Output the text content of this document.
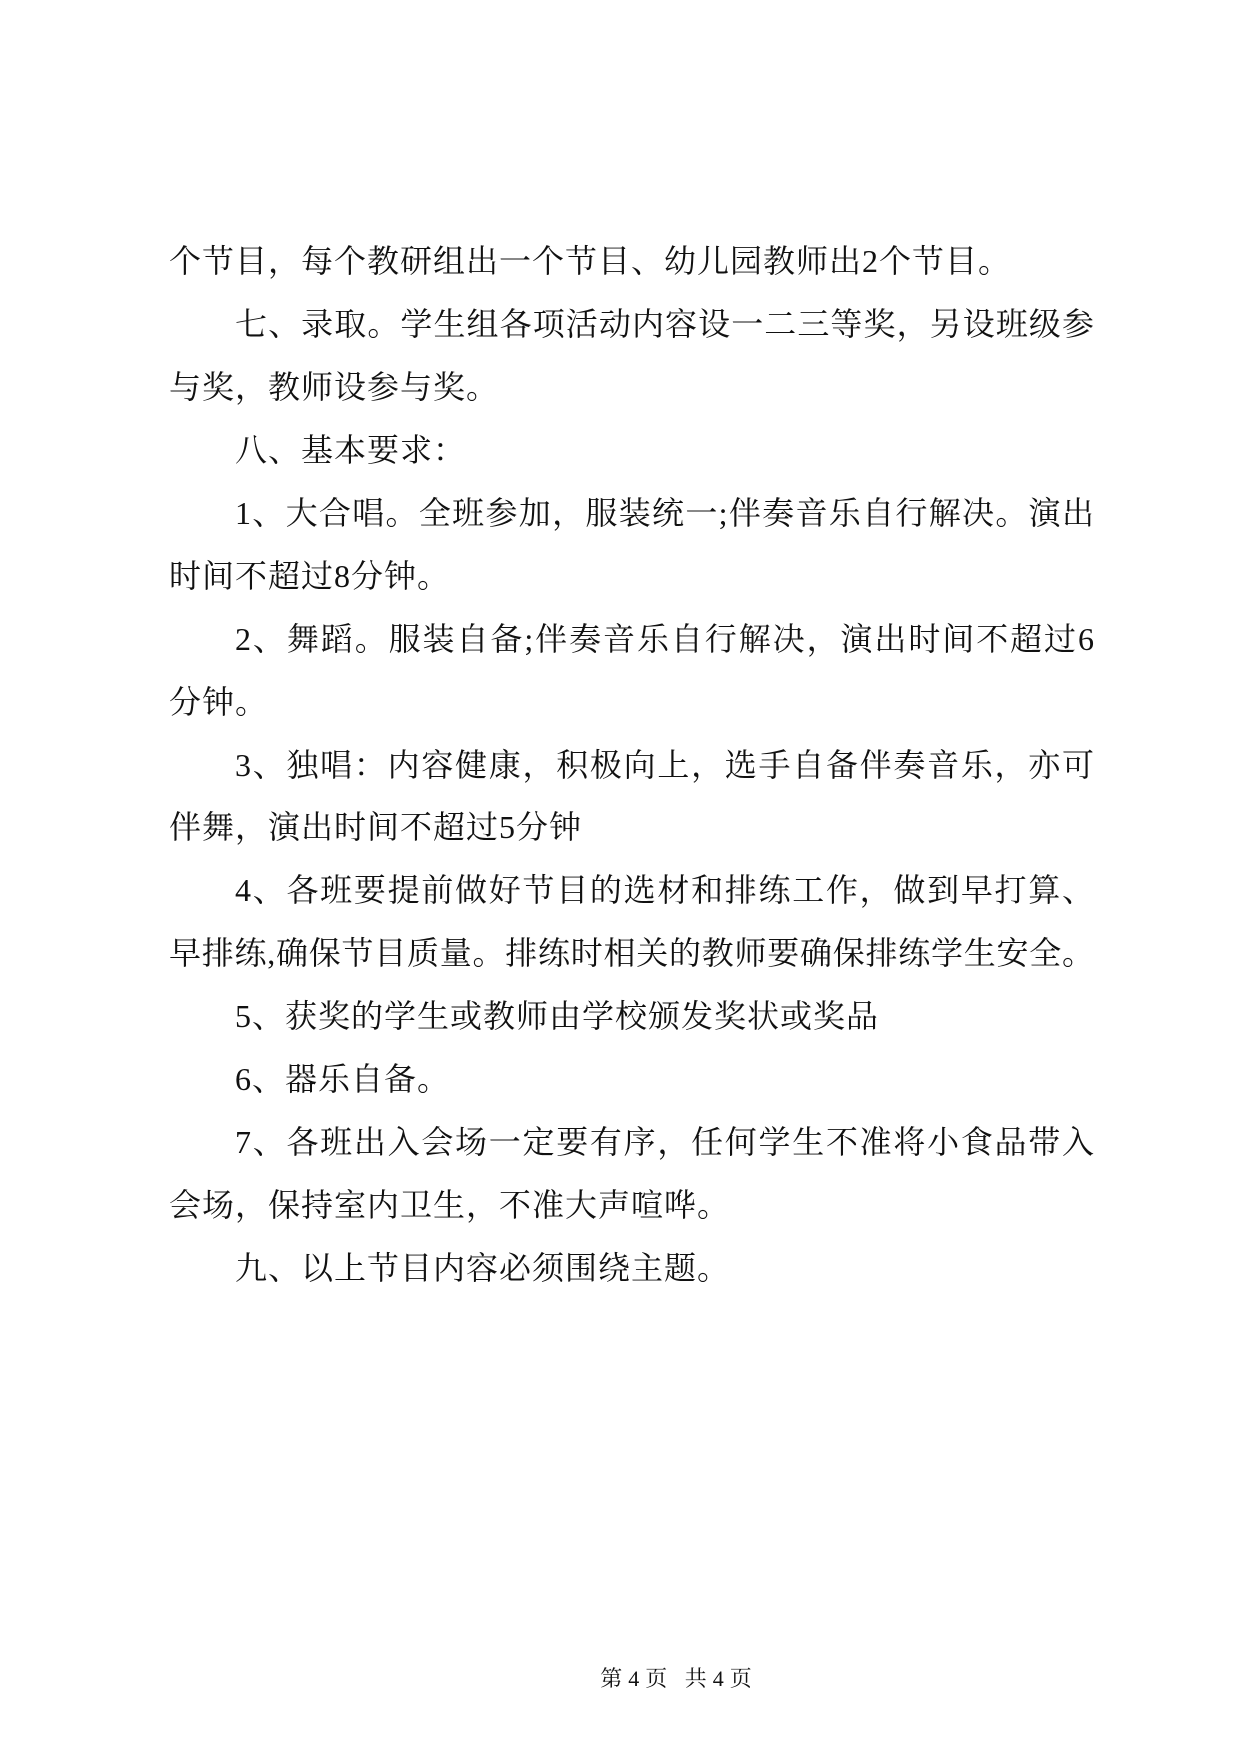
个节目，每个教研组出一个节目、幼儿园教师出2个节目。
七、录取。学生组各项活动内容设一二三等奖，另设班级参
与奖，教师设参与奖。
八、基本要求：
1、大合唱。全班参加，服装统一;伴奏音乐自行解决。演出
时间不超过8分钟。
2、舞蹈。服装自备;伴奏音乐自行解决，演出时间不超过6
分钟。
3、独唱：内容健康，积极向上，选手自备伴奏音乐，亦可
伴舞，演出时间不超过5分钟
4、各班要提前做好节目的选材和排练工作，做到早打算、
早排练,确保节目质量。排练时相关的教师要确保排练学生安全。
5、获奖的学生或教师由学校颁发奖状或奖品
6、器乐自备。
7、各班出入会场一定要有序，任何学生不准将小食品带入
会场，保持室内卫生，不准大声喧哗。
九、以上节目内容必须围绕主题。

第4页 共4页
